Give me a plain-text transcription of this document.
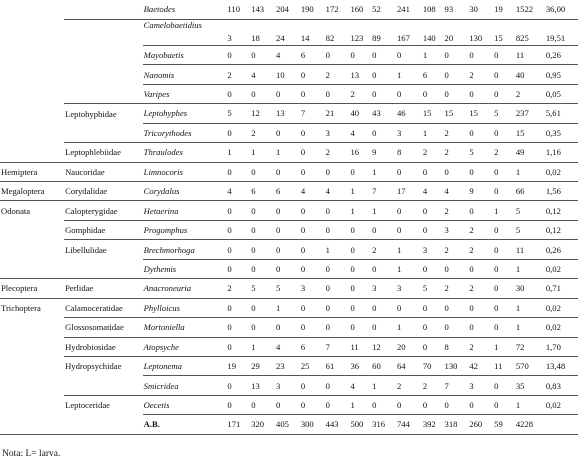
		Baetodes	110	143	204	190	172	160	52	241	108	93	30	19	1522	36,00
		Camelobaetidius	3	18	24	14	82	123	89	167	140	20	130	15	825	19,51
		Mayobaetis	0	0	4	6	0	0	0	0	1	0	0	0	11	0,26
		Nanomis	2	4	10	0	2	13	0	1	6	0	2	0	40	0,95
		Varipes	0	0	0	0	0	2	0	0	0	0	0	0	2	0,05
	Leptohyphidae	Leptohyphes	5	12	13	7	21	40	43	46	15	15	15	5	237	5,61
		Tricorythodes	0	2	0	0	3	4	0	3	1	2	0	0	15	0,35
	Leptophlebiidae	Thraulodes	1	1	1	0	2	16	9	8	2	2	5	2	49	1,16
Hemiptera	Naucoridae	Limnocoris	0	0	0	0	0	0	1	0	0	0	0	0	1	0,02
Megaloptera	Corydalidae	Corydalus	4	6	6	4	4	1	7	17	4	4	9	0	66	1,56
Odonata	Calopterygidae	Hetaerina	0	0	0	0	0	1	1	0	0	2	0	1	5	0,12
	Gomphidae	Progomphus	0	0	0	0	0	0	0	0	0	3	2	0	5	0,12
	Libellulidae	Brechmorhoga	0	0	0	0	1	0	2	1	3	2	2	0	11	0,26
		Dythemis	0	0	0	0	0	0	0	1	0	0	0	0	1	0,02
Plecoptera	Perlidae	Anacroneuria	2	5	5	3	0	0	3	3	5	2	2	0	30	0,71
Trichoptera	Calamoceratidae	Phylloicus	0	0	1	0	0	0	0	0	0	0	0	0	1	0,02
	Glossosomatidae	Mortoniella	0	0	0	0	0	0	0	1	0	0	0	0	1	0,02
	Hydrobiosidae	Atopsyche	0	1	4	6	7	11	12	20	0	8	2	1	72	1,70
	Hydropsychidae	Leptonema	19	29	23	25	61	36	60	64	70	130	42	11	570	13,48
		Smicridea	0	13	3	0	0	4	1	2	2	7	3	0	35	0,83
	Leptoceridae	Oecetis	0	0	0	0	0	1	0	0	0	0	0	0	1	0,02
		A.B.	171	320	405	300	443	500	316	744	392	318	260	59	4228	
Nota: L= larva.
